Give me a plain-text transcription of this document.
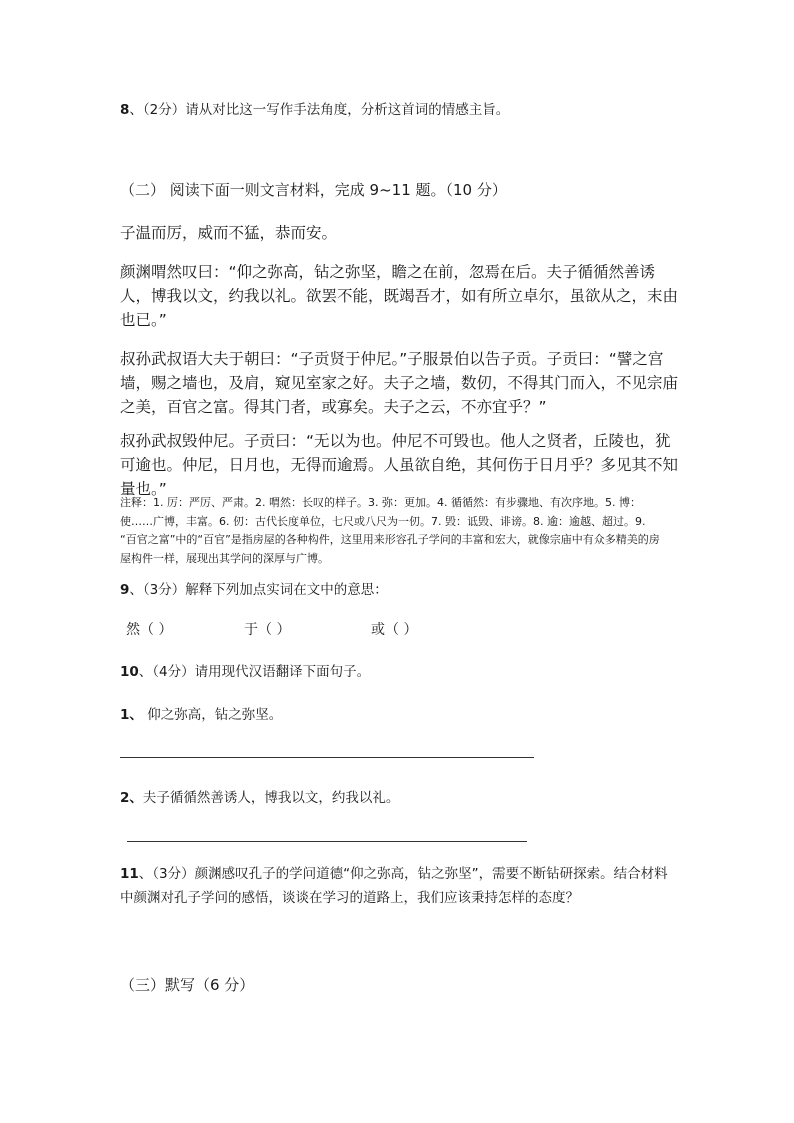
8、（2分）请从对比这一写作手法角度，分析这首词的情感主旨。
（二） 阅读下面一则文言材料，完成 9~11 题。（10 分）
子温而厉，威而不猛，恭而安。
颜渊喟然叹曰：“仰之弥高，钻之弥坚，瞻之在前，忽焉在后。夫子循循然善诱人，博我以文，约我以礼。欲罢不能，既竭吾才，如有所立卓尔，虽欲从之，末由也已。”
叔孙武叔语大夫于朝曰：“子贡贤于仲尼。”子服景伯以告子贡。子贡曰：“譬之宫墙，赐之墙也，及肩，窥见室家之好。夫子之墙，数仞，不得其门而入，不见宗庙之美，百官之富。得其门者，或寡矣。夫子之云，不亦宜乎？”
叔孙武叔毁仲尼。子贡曰：“无以为也。仲尼不可毁也。他人之贤者，丘陵也，犹可逾也。仲尼，日月也，无得而逾焉。人虽欲自绝，其何伤于日月乎？多见其不知量也。”
注释：1. 厉：严厉、严肃。2. 喟然：长叹的样子。3. 弥：更加。4. 循循然：有步骤地、有次序地。5. 博：使……广博，丰富。6. 仞：古代长度单位，七尺或八尺为一仞。7. 毁：诋毁、诽谤。8. 逾：逾越、超过。9. “百官之富”中的“百官”是指房屋的各种构件，这里用来形容孔子学问的丰富和宏大，就像宗庙中有众多精美的房屋构件一样，展现出其学问的深厚与广博。
9、（3分）解释下列加点实词在文中的意思：
然（ ）	于（ ）	或（ ）
10、（4分）请用现代汉语翻译下面句子。
1、 仰之弥高，钻之弥坚。
2、夫子循循然善诱人，博我以文，约我以礼。
11、（3分）颜渊感叹孔子的学问道德“仰之弥高，钻之弥坚”，需要不断钻研探索。结合材料中颜渊对孔子学问的感悟，谈谈在学习的道路上，我们应该秉持怎样的态度？
（三）默写（6 分）
